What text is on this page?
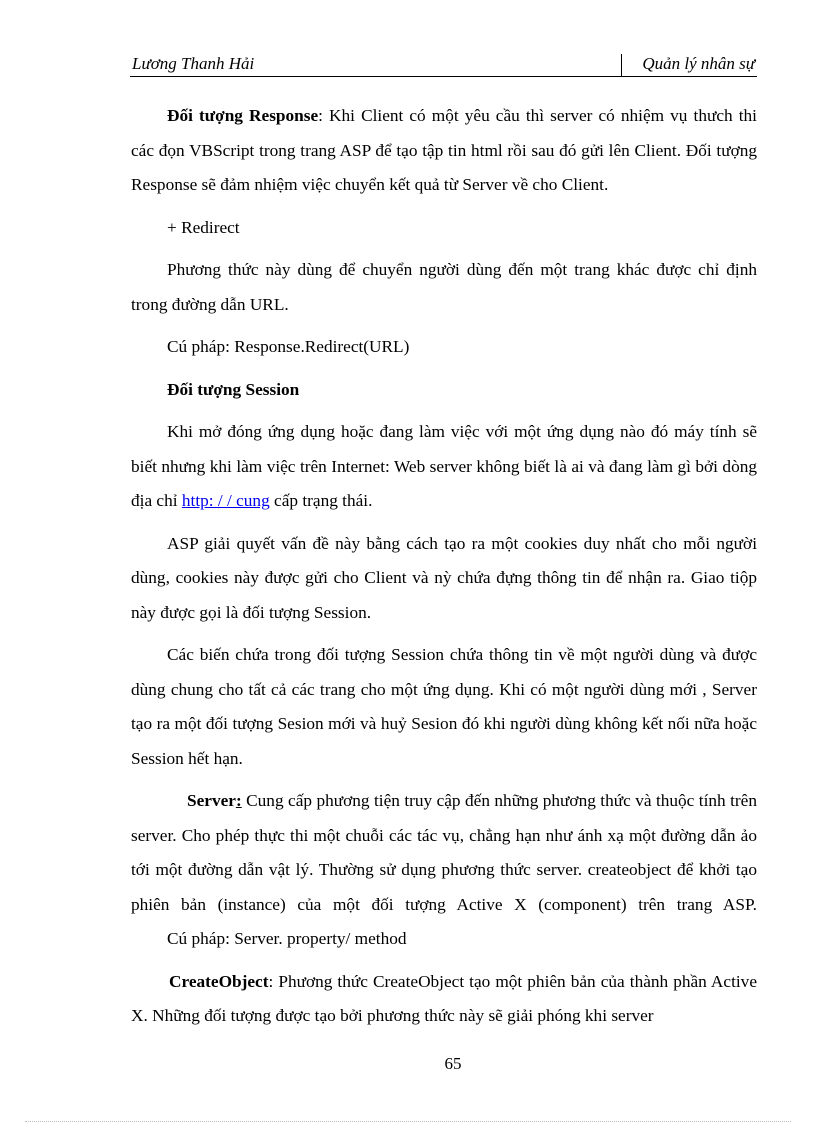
Lương Thanh Hải	Quản lý nhân sự

Đối tượng Response: Khi Client có một yêu cầu thì server có nhiệm vụ thưch thi các đọn VBScript trong trang ASP để tạo tập tin html rồi sau đó gửi lên Client. Đối tượng Response sẽ đảm nhiệm việc chuyển kết quả từ Server về cho Client.

+ Redirect

Phương thức này dùng để chuyển người dùng đến một trang khác được chỉ định trong đường dẫn URL.

Cú pháp: Response.Redirect(URL)

Đối tượng Session

Khi mở đóng ứng dụng hoặc đang làm việc với một ứng dụng nào đó máy tính sẽ biết nhưng khi làm việc trên Internet: Web server không biết là ai và đang làm gì bởi dòng địa chỉ http: / / cung cấp trạng thái.

ASP giải quyết vấn đề này bằng cách tạo ra một cookies duy nhất cho mỗi người dùng, cookies này được gửi cho Client và nỳ chứa đựng thông tin để nhận ra. Giao tiộp này được gọi là đối tượng Session.

Các biến chứa trong đối tượng Session chứa thông tin về một người dùng và được dùng chung cho tất cả các trang cho một ứng dụng. Khi có một người dùng mới , Server tạo ra một đối tượng Sesion mới và huỷ Sesion đó khi người dùng không kết nối nữa hoặc Session hết hạn.

Server: Cung cấp phương tiện truy cập đến những phương thức và thuộc tính trên server. Cho phép thực thi một chuỗi các tác vụ, chẳng hạn như ánh xạ một đường dẫn ảo tới một đường dẫn vật lý. Thường sử dụng phương thức server. createobject để khởi tạo phiên bản (instance) của một đối tượng Active X (component) trên trang ASP.

Cú pháp: Server. property/ method

CreateObject: Phương thức CreateObject tạo một phiên bản của thành phần Active X. Những đối tượng được tạo bởi phương thức này sẽ giải phóng khi server

65
